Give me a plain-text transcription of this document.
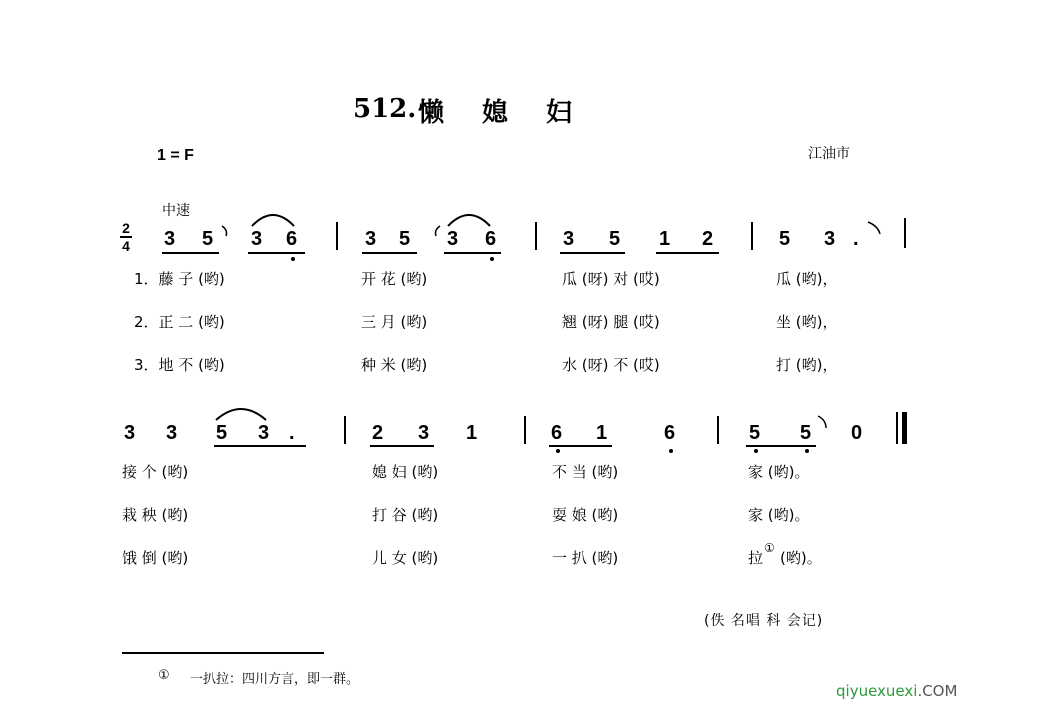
512. 懒媳妇
1 = F	江油市
中速
2
4 3 5 3 6	3 5 3 6	3 5 1 2	5 3 .
1．藤 子 (哟)	开 花 (哟)	瓜 (呀) 对 (哎)	瓜 (哟)，
2．正 二 (哟)	三 月 (哟)	翘 (呀) 腿 (哎)	坐 (哟)，
3．地 不 (哟)	种 米 (哟)	水 (呀) 不 (哎)	打 (哟)，
3 3 5 3 .	2 3 1	6 1	6	5 5 0
接 个 (哟)	媳 妇 (哟)	不 当 (哟)	家 (哟)。
栽 秧 (哟)	打 谷 (哟)	耍 娘 (哟)	家 (哟)。
饿 倒 (哟)	儿 女 (哟)	一 扒 (哟)	拉
①
(哟)。
(佚 名唱 科 会记)
① 一扒拉：四川方言，即一群。
qiyuexuexi.COM
